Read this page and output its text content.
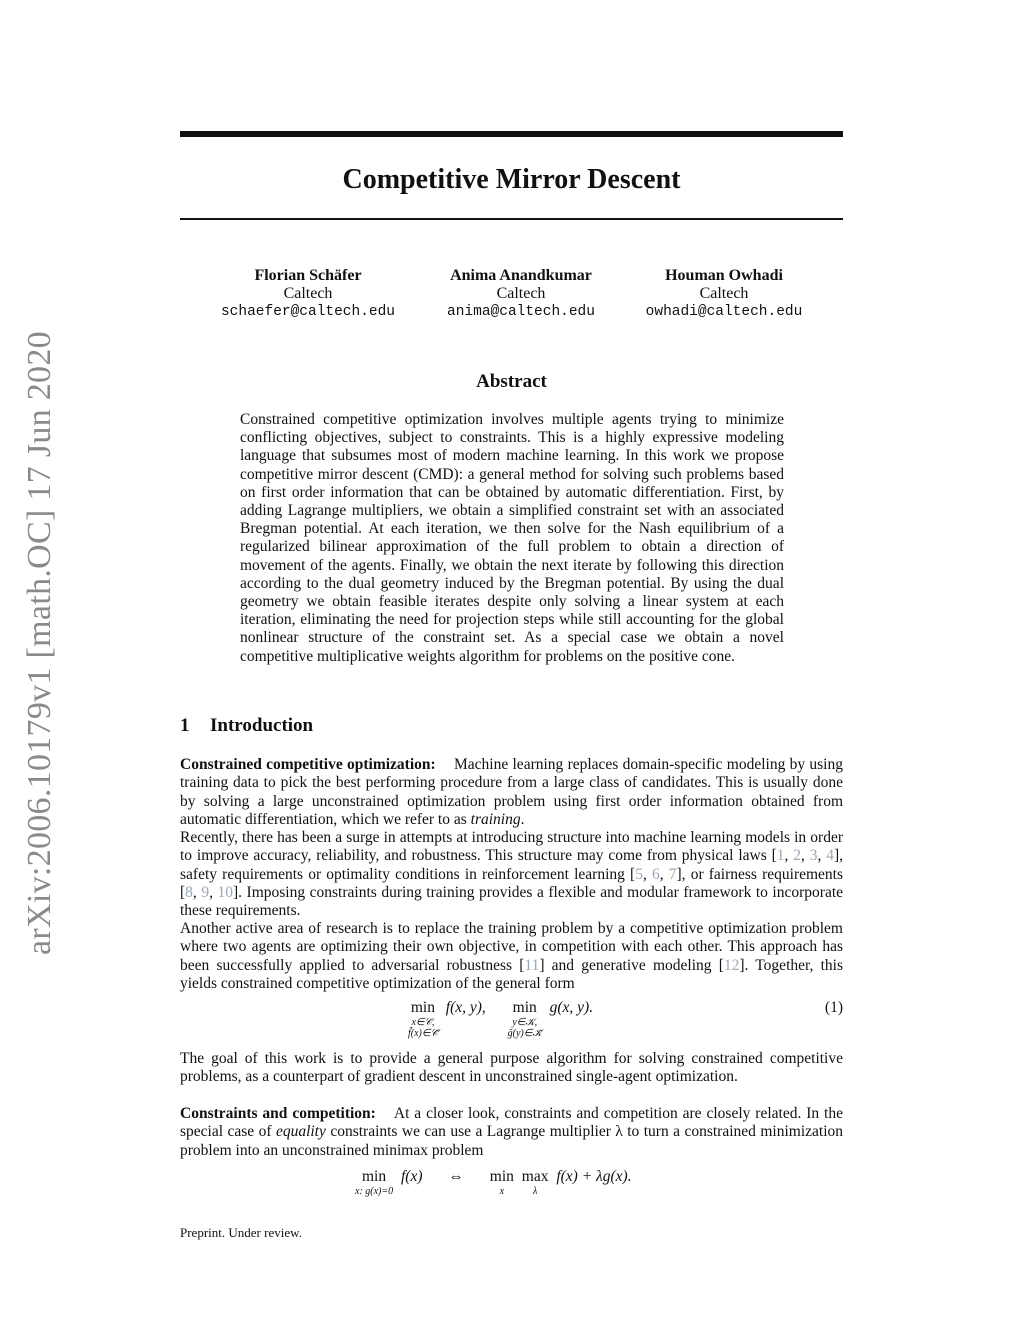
arXiv:2006.10179v1 [math.OC] 17 Jun 2020
Competitive Mirror Descent
Florian Schäfer
Caltech
schaefer@caltech.edu
Anima Anandkumar
Caltech
anima@caltech.edu
Houman Owhadi
Caltech
owhadi@caltech.edu
Abstract

Constrained competitive optimization involves multiple agents trying to minimize conflicting objectives, subject to constraints. This is a highly expressive modeling language that subsumes most of modern machine learning. In this work we propose competitive mirror descent (CMD): a general method for solving such problems based on first order information that can be obtained by automatic differentiation. First, by adding Lagrange multipliers, we obtain a simplified constraint set with an associated Bregman potential. At each iteration, we then solve for the Nash equilibrium of a regularized bilinear approximation of the full problem to obtain a direction of movement of the agents. Finally, we obtain the next iterate by following this direction according to the dual geometry induced by the Bregman potential. By using the dual geometry we obtain feasible iterates despite only solving a linear system at each iteration, eliminating the need for projection steps while still accounting for the global nonlinear structure of the constraint set. As a special case we obtain a novel competitive multiplicative weights algorithm for problems on the positive cone.

1 Introduction

Constrained competitive optimization: Machine learning replaces domain-specific modeling by using training data to pick the best performing procedure from a large class of candidates. This is usually done by solving a large unconstrained optimization problem using first order information obtained from automatic differentiation, which we refer to as training.

Recently, there has been a surge in attempts at introducing structure into machine learning models in order to improve accuracy, reliability, and robustness. This structure may come from physical laws [1, 2, 3, 4], safety requirements or optimality conditions in reinforcement learning [5, 6, 7], or fairness requirements [8, 9, 10]. Imposing constraints during training provides a flexible and modular framework to incorporate these requirements.

Another active area of research is to replace the training problem by a competitive optimization problem where two agents are optimizing their own objective, in competition with each other. This approach has been successfully applied to adversarial robustness [11] and generative modeling [12]. Together, this yields constrained competitive optimization of the general form

min
x∈𝒞,
f̃(x)∈𝒞̃
f(x, y), min
y∈𝒦,
g̃(y)∈𝒦̃
g(x, y).	(1)

The goal of this work is to provide a general purpose algorithm for solving constrained competitive problems, as a counterpart of gradient descent in unconstrained single-agent optimization.

Constraints and competition: At a closer look, constraints and competition are closely related. In the special case of equality constraints we can use a Lagrange multiplier λ to turn a constrained minimization problem into an unconstrained minimax problem

min
x: g(x)=0
f(x) ⇔ min
x
max
λ
f(x) + λg(x).
Preprint. Under review.
